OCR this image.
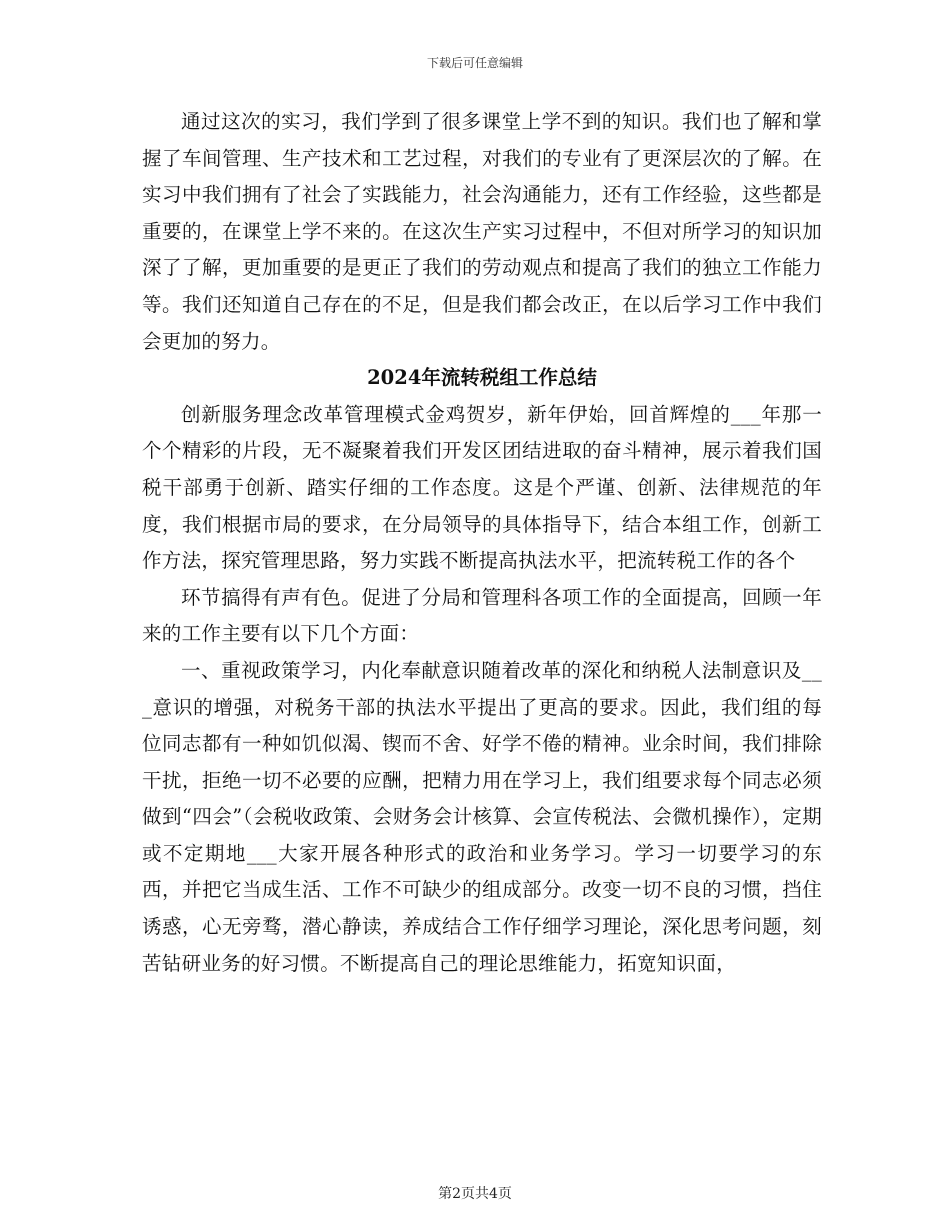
下载后可任意编辑

通过这次的实习，我们学到了很多课堂上学不到的知识。我们也了解和掌握了车间管理、生产技术和工艺过程，对我们的专业有了更深层次的了解。在实习中我们拥有了社会了实践能力，社会沟通能力，还有工作经验，这些都是重要的，在课堂上学不来的。在这次生产实习过程中，不但对所学习的知识加深了了解，更加重要的是更正了我们的劳动观点和提高了我们的独立工作能力等。我们还知道自己存在的不足，但是我们都会改正，在以后学习工作中我们会更加的努力。

2024年流转税组工作总结

创新服务理念改革管理模式金鸡贺岁，新年伊始，回首辉煌的___年那一个个精彩的片段，无不凝聚着我们开发区团结进取的奋斗精神，展示着我们国税干部勇于创新、踏实仔细的工作态度。这是个严谨、创新、法律规范的年度，我们根据市局的要求，在分局领导的具体指导下，结合本组工作，创新工作方法，探究管理思路，努力实践不断提高执法水平，把流转税工作的各个

环节搞得有声有色。促进了分局和管理科各项工作的全面提高，回顾一年来的工作主要有以下几个方面：

一、重视政策学习，内化奉献意识随着改革的深化和纳税人法制意识及___意识的增强，对税务干部的执法水平提出了更高的要求。因此，我们组的每位同志都有一种如饥似渴、锲而不舍、好学不倦的精神。业余时间，我们排除干扰，拒绝一切不必要的应酬，把精力用在学习上，我们组要求每个同志必须做到“四会”（会税收政策、会财务会计核算、会宣传税法、会微机操作），定期或不定期地___大家开展各种形式的政治和业务学习。学习一切要学习的东西，并把它当成生活、工作不可缺少的组成部分。改变一切不良的习惯，挡住诱惑，心无旁骛，潜心静读，养成结合工作仔细学习理论，深化思考问题，刻苦钻研业务的好习惯。不断提高自己的理论思维能力，拓宽知识面，

第2页共4页
